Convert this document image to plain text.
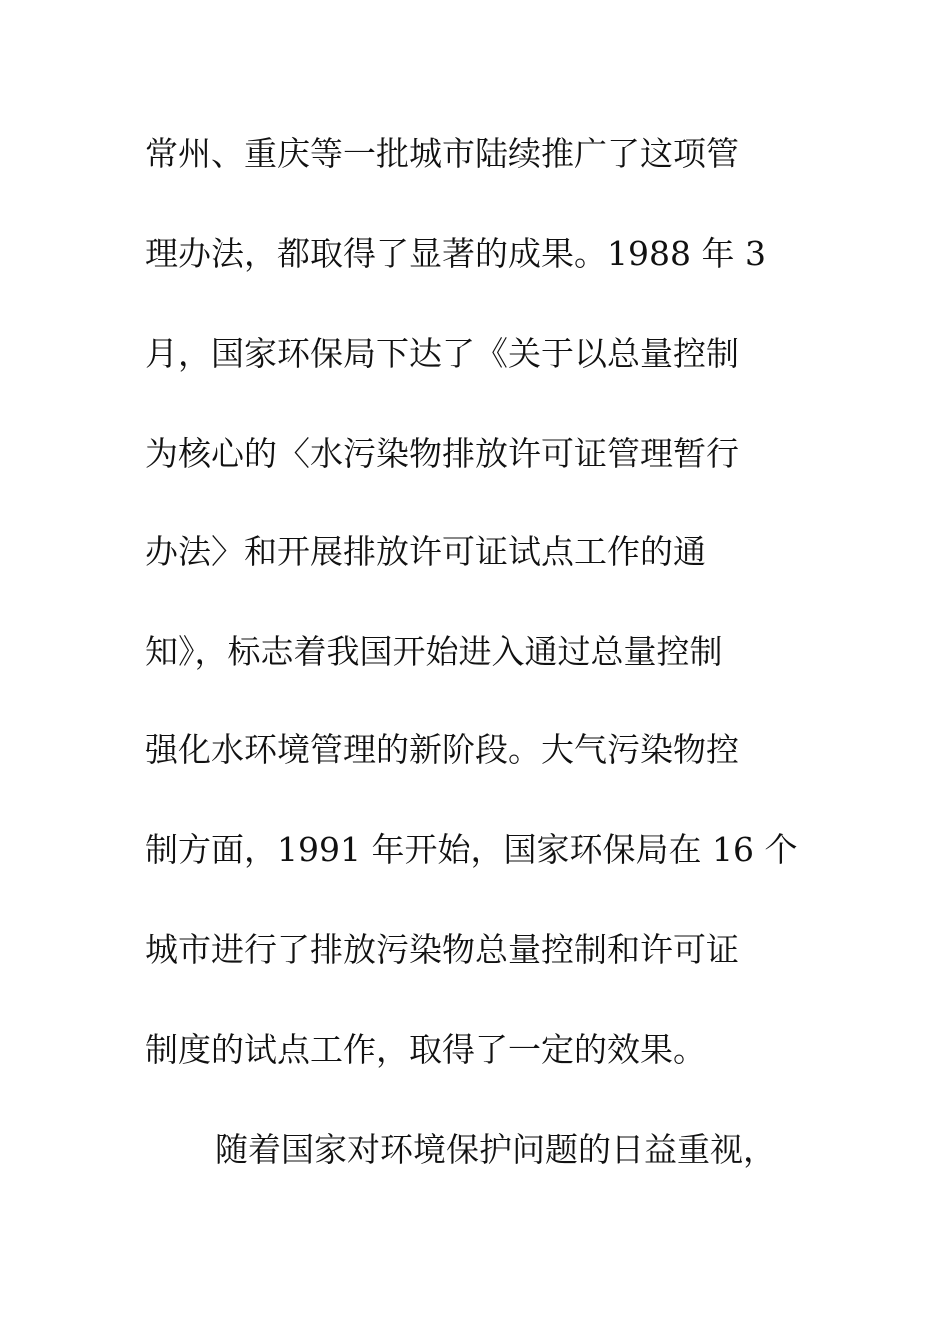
常州、重庆等一批城市陆续推广了这项管
理办法，都取得了显著的成果。1988 年 3
月，国家环保局下达了《关于以总量控制
为核心的〈水污染物排放许可证管理暂行
办法〉和开展排放许可证试点工作的通
知》，标志着我国开始进入通过总量控制
强化水环境管理的新阶段。大气污染物控
制方面，1991 年开始，国家环保局在 16 个
城市进行了排放污染物总量控制和许可证
制度的试点工作，取得了一定的效果。
随着国家对环境保护问题的日益重视，
